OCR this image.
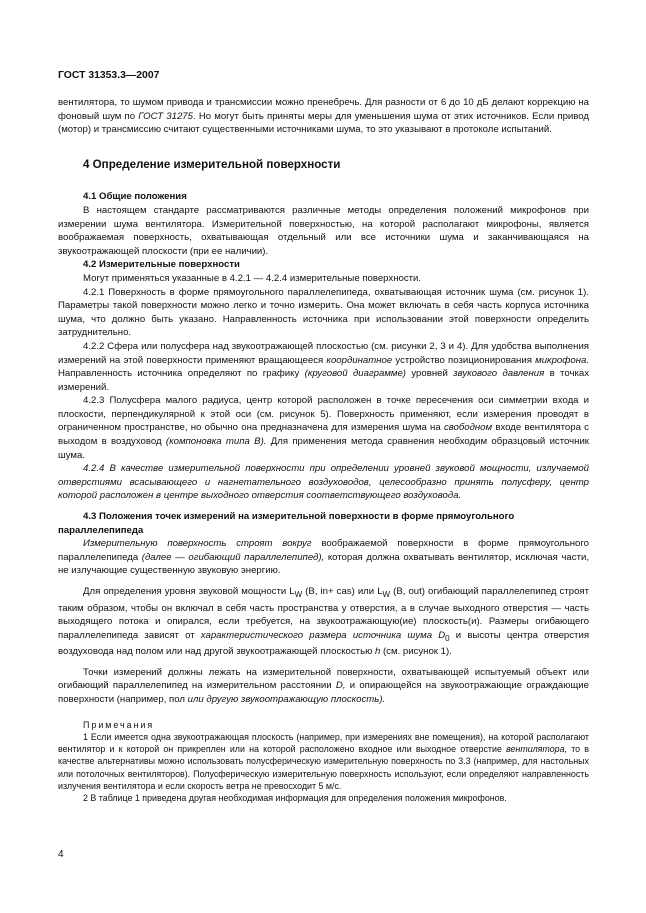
ГОСТ 31353.3—2007

вентилятора, то шумом привода и трансмиссии можно пренебречь. Для разности от 6 до 10 дБ делают коррекцию на фоновый шум по ГОСТ 31275. Но могут быть приняты меры для уменьшения шума от этих источников. Если привод (мотор) и трансмиссию считают существенными источниками шума, то это указывают в протоколе испытаний.

4 Определение измерительной поверхности
4.1 Общие положения

В настоящем стандарте рассматриваются различные методы определения положений микрофонов при измерении шума вентилятора. Измерительной поверхностью, на которой располагают микрофоны, является воображаемая поверхность, охватывающая отдельный или все источники шума и заканчивающаяся на звукоотражающей плоскости (при ее наличии).

4.2 Измерительные поверхности

Могут применяться указанные в 4.2.1 — 4.2.4 измерительные поверхности.

4.2.1 Поверхность в форме прямоугольного параллелепипеда, охватывающая источник шума (см. рисунок 1). Параметры такой поверхности можно легко и точно измерить. Она может включать в себя часть корпуса источника шума, что должно быть указано. Направленность источника при использовании этой поверхности определить затруднительно.

4.2.2 Сфера или полусфера над звукоотражающей плоскостью (см. рисунки 2, 3 и 4). Для удобства выполнения измерений на этой поверхности применяют вращающееся координатное устройство позиционирования микрофона. Направленность источника определяют по графику (круговой диаграмме) уровней звукового давления в точках измерений.

4.2.3 Полусфера малого радиуса, центр которой расположен в точке пересечения оси симметрии входа и плоскости, перпендикулярной к этой оси (см. рисунок 5). Поверхность применяют, если измерения проводят в ограниченном пространстве, но обычно она предназначена для измерения шума на свободном входе вентилятора с выходом в воздуховод (компоновка типа В). Для применения метода сравнения необходим образцовый источник шума.

4.2.4 В качестве измерительной поверхности при определении уровней звуковой мощности, излучаемой отверстиями всасывающего и нагнетательного воздуховодов, целесообразно принять полусферу, центр которой расположен в центре выходного отверстия соответствующего воздуховода.

4.3 Положения точек измерений на измерительной поверхности в форме прямоугольного параллелепипеда

Измерительную поверхность строят вокруг воображаемой поверхности в форме прямоугольного параллелепипеда (далее — огибающий параллелепипед), которая должна охватывать вентилятор, исключая части, не излучающие существенную звуковую энергию.

Для определения уровня звуковой мощности $L_W$ (В, in+ cas) или $L_W$ (В, out) огибающий параллелепипед строят таким образом, чтобы он включал в себя часть пространства у отверстия, а в случае выходного отверстия — часть выходящего потока и опирался, если требуется, на звукоотражающую(ие) плоскость(и). Размеры огибающего параллелепипеда зависят от характеристического размера источника шума $D_0$ и высоты центра отверстия воздуховода над полом или над другой звукоотражающей плоскостью h (см. рисунок 1).

Точки измерений должны лежать на измерительной поверхности, охватывающей испытуемый объект или огибающий параллелепипед на измерительном расстоянии D, и опирающейся на звукоотражающие ограждающие поверхности (например, пол или другую звукоотражающую плоскость).

Примечания

1 Если имеется одна звукоотражающая плоскость (например, при измерениях вне помещения), на которой располагают вентилятор и к которой он прикреплен или на которой расположено входное или выходное отверстие вентилятора, то в качестве альтернативы можно использовать полусферическую измерительную поверхность по 3.3 (например, для настольных или потолочных вентиляторов). Полусферическую измерительную поверхность используют, если определяют направленность излучения вентилятора и если скорость ветра не превосходит 5 м/с.

2 В таблице 1 приведена другая необходимая информация для определения положения микрофонов.

4
